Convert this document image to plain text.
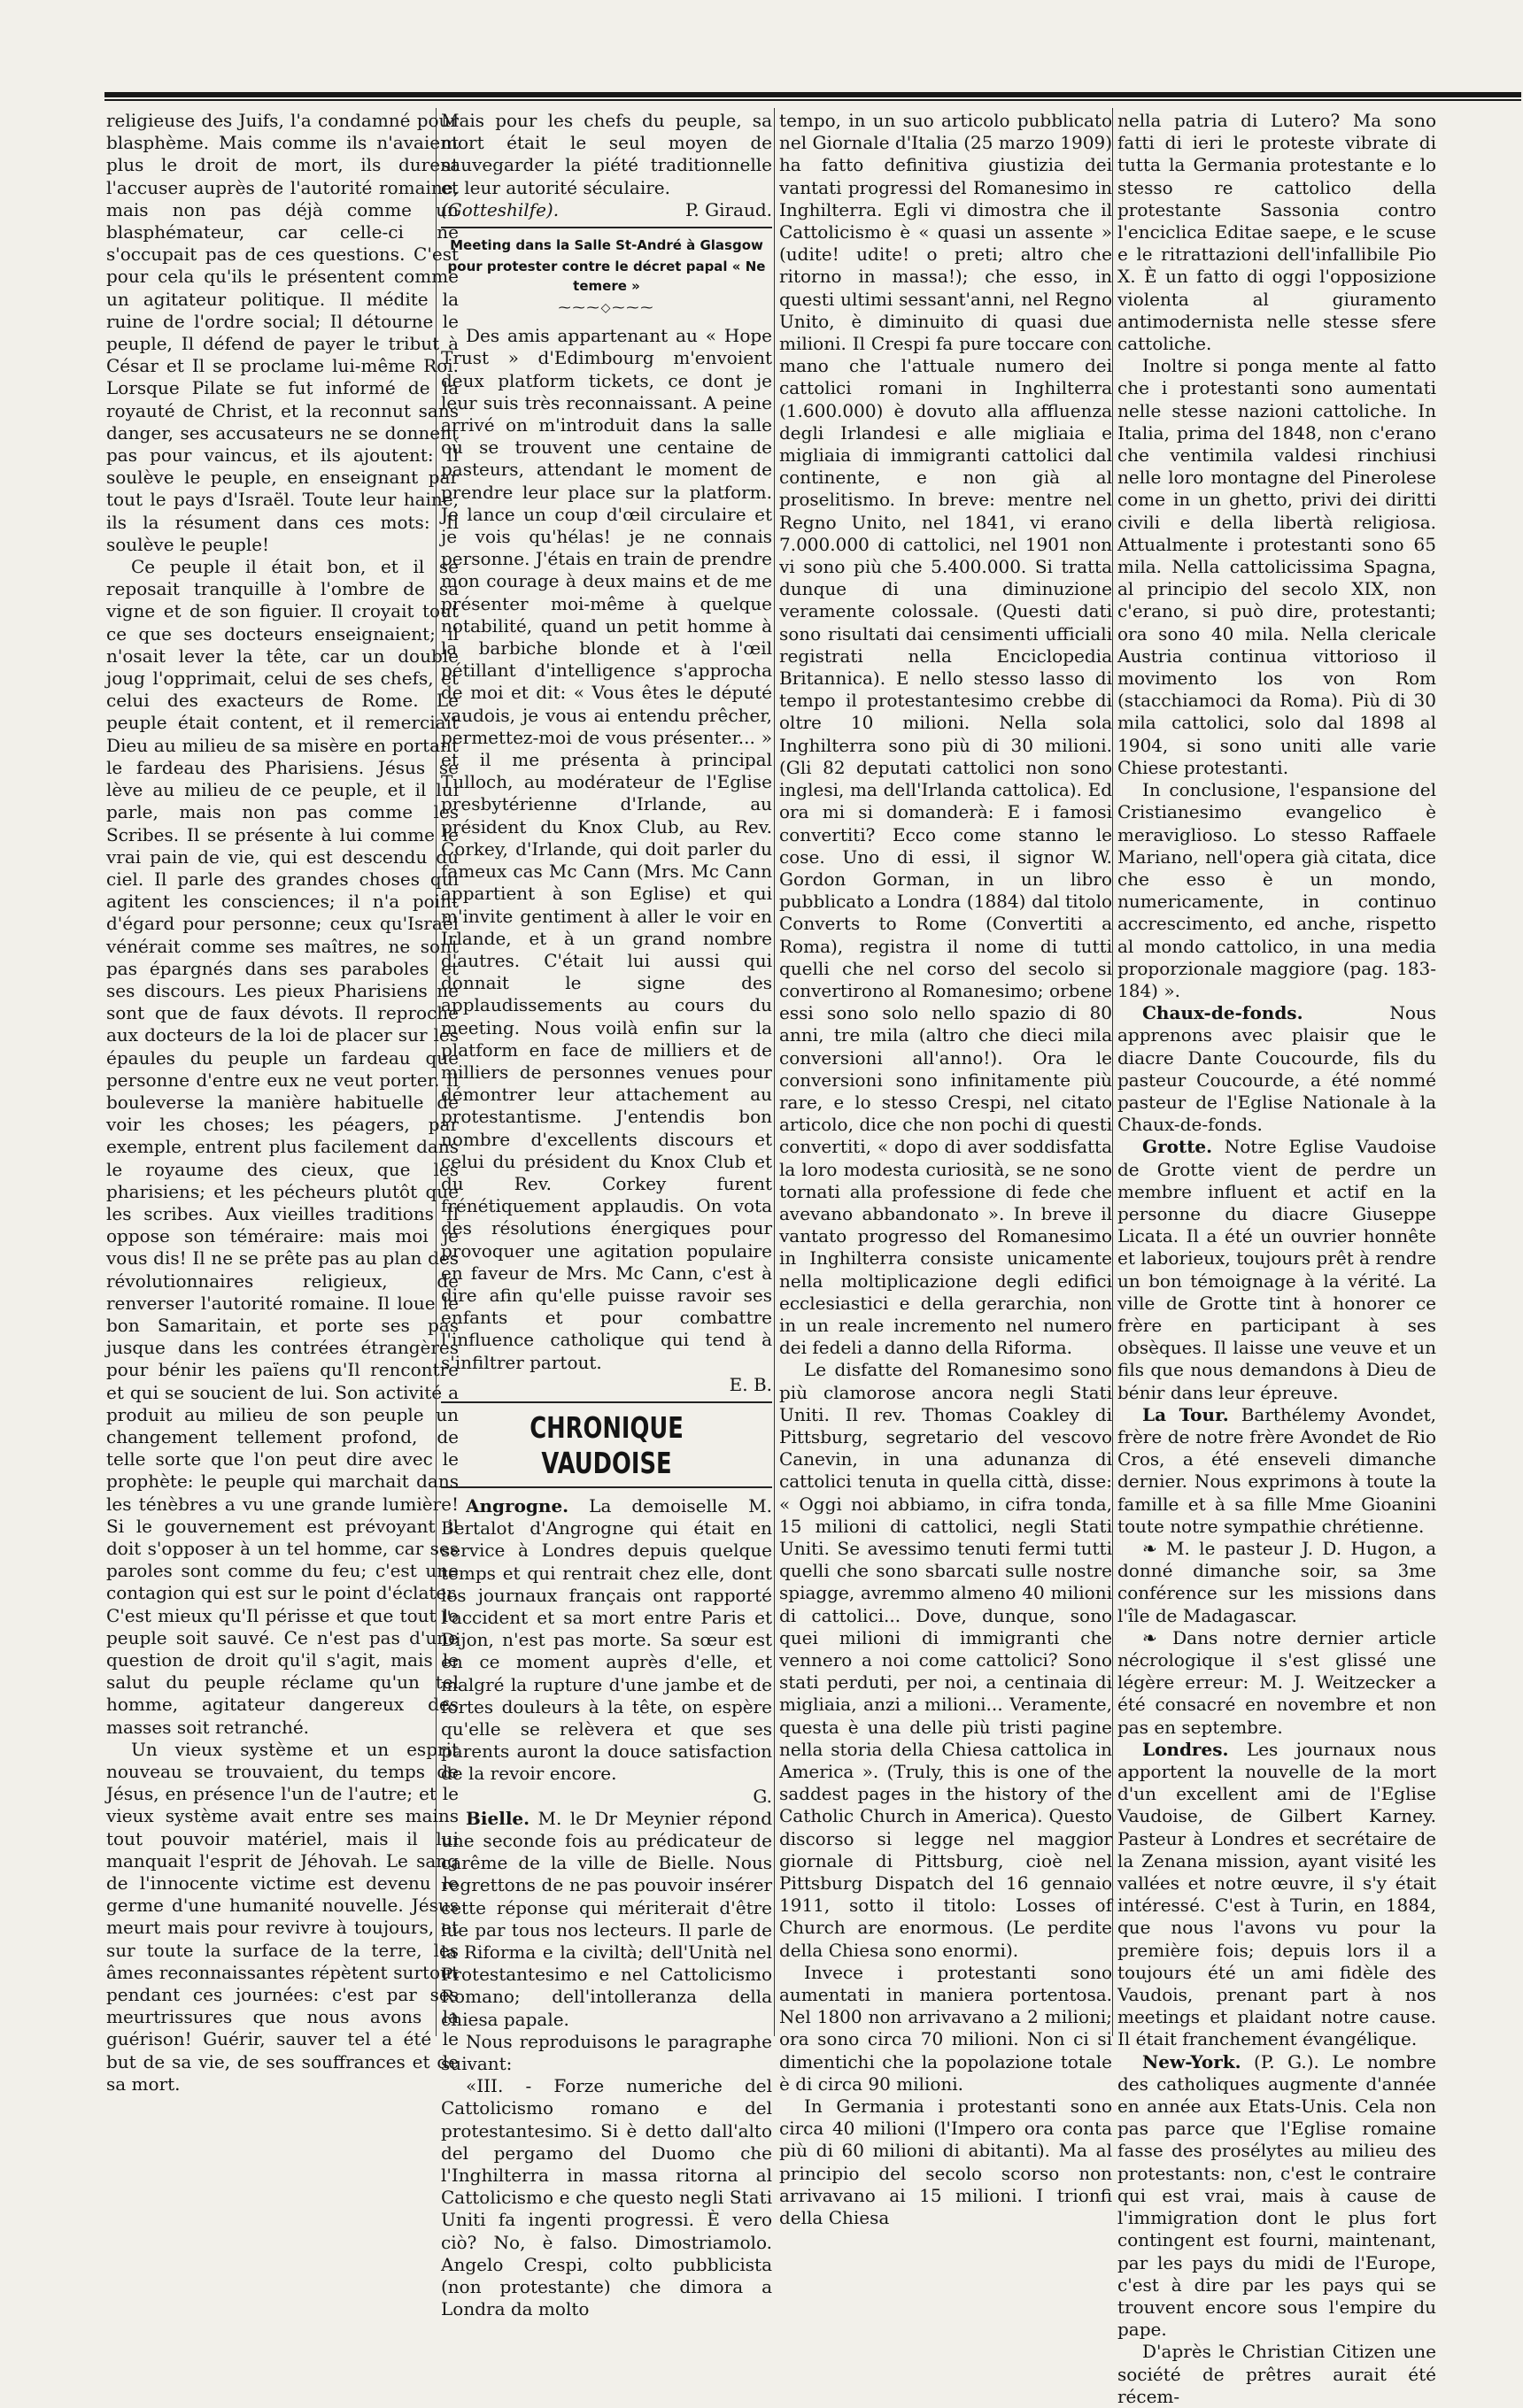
religieuse des Juifs, l'a condamné pour blasphème. Mais comme ils n'avaient plus le droit de mort, ils durent l'accuser auprès de l'autorité romaine, mais non pas déjà comme un blasphémateur, car celle-ci ne s'occupait pas de ces questions. C'est pour cela qu'ils le présentent comme un agitateur politique. Il médite la ruine de l'ordre social; Il détourne le peuple, Il défend de payer le tribut à César et Il se proclame lui-même Roi. Lorsque Pilate se fut informé de la royauté de Christ, et la reconnut sans danger, ses accusateurs ne se donnent pas pour vaincus, et ils ajoutent: Il soulève le peuple, en enseignant par tout le pays d'Israël. Toute leur haine, ils la résument dans ces mots: Il soulève le peuple!

Ce peuple il était bon, et il se reposait tranquille à l'ombre de sa vigne et de son figuier. Il croyait tout ce que ses docteurs enseignaient; il n'osait lever la tête, car un double joug l'opprimait, celui de ses chefs, et celui des exacteurs de Rome. Le peuple était content, et il remerciait Dieu au milieu de sa misère en portant le fardeau des Pharisiens. Jésus se lève au milieu de ce peuple, et il lui parle, mais non pas comme les Scribes. Il se présente à lui comme le vrai pain de vie, qui est descendu du ciel. Il parle des grandes choses qui agitent les consciences; il n'a point d'égard pour personne; ceux qu'Israël vénérait comme ses maîtres, ne sont pas épargnés dans ses paraboles et ses discours. Les pieux Pharisiens ne sont que de faux dévots. Il reproche aux docteurs de la loi de placer sur les épaules du peuple un fardeau que personne d'entre eux ne veut porter. Il bouleverse la manière habituelle de voir les choses; les péagers, par exemple, entrent plus facilement dans le royaume des cieux, que les pharisiens; et les pécheurs plutôt que les scribes. Aux vieilles traditions Il oppose son téméraire: mais moi je vous dis! Il ne se prête pas au plan des révolutionnaires religieux, de renverser l'autorité romaine. Il loue le bon Samaritain, et porte ses pas jusque dans les contrées étrangères pour bénir les païens qu'Il rencontre et qui se soucient de lui. Son activité a produit au milieu de son peuple un changement tellement profond, de telle sorte que l'on peut dire avec le prophète: le peuple qui marchait dans les ténèbres a vu une grande lumière! Si le gouvernement est prévoyant il doit s'opposer à un tel homme, car ses paroles sont comme du feu; c'est une contagion qui est sur le point d'éclater. C'est mieux qu'Il périsse et que tout le peuple soit sauvé. Ce n'est pas d'une question de droit qu'il s'agit, mais le salut du peuple réclame qu'un tel homme, agitateur dangereux des masses soit retranché.

Un vieux système et un esprit nouveau se trouvaient, du temps de Jésus, en présence l'un de l'autre; et le vieux système avait entre ses mains tout pouvoir matériel, mais il lui manquait l'esprit de Jéhovah. Le sang de l'innocente victime est devenu le germe d'une humanité nouvelle. Jésus meurt mais pour revivre à toujours, et sur toute la surface de la terre, les âmes reconnaissantes répètent surtout pendant ces journées: c'est par ses meurtrissures que nous avons la guérison! Guérir, sauver tel a été le but de sa vie, de ses souffrances et de sa mort.

Mais pour les chefs du peuple, sa mort était le seul moyen de sauvegarder la piété traditionnelle et leur autorité séculaire.

(Gotteshilfe).	P. Giraud.
Meeting dans la Salle St-André à Glasgow
pour protester contre le décret papal « Ne temere »
⁓⁓⁓◇⁓⁓⁓

Des amis appartenant au « Hope Trust » d'Edimbourg m'envoient deux platform tickets, ce dont je leur suis très reconnaissant. A peine arrivé on m'introduit dans la salle où se trouvent une centaine de pasteurs, attendant le moment de prendre leur place sur la platform. Je lance un coup d'œil circulaire et je vois qu'hélas! je ne connais personne. J'étais en train de prendre mon courage à deux mains et de me présenter moi-même à quelque notabilité, quand un petit homme à la barbiche blonde et à l'œil pétillant d'intelligence s'approcha de moi et dit: « Vous êtes le député vaudois, je vous ai entendu prêcher, permettez-moi de vous présenter... » et il me présenta à principal Tulloch, au modérateur de l'Eglise presbytérienne d'Irlande, au président du Knox Club, au Rev. Corkey, d'Irlande, qui doit parler du fameux cas Mc Cann (Mrs. Mc Cann appartient à son Eglise) et qui m'invite gentiment à aller le voir en Irlande, et à un grand nombre d'autres. C'était lui aussi qui donnait le signe des applaudissements au cours du meeting. Nous voilà enfin sur la platform en face de milliers et de milliers de personnes venues pour démontrer leur attachement au protestantisme. J'entendis bon nombre d'excellents discours et celui du président du Knox Club et du Rev. Corkey furent frénétiquement applaudis. On vota des résolutions énergiques pour provoquer une agitation populaire en faveur de Mrs. Mc Cann, c'est à dire afin qu'elle puisse ravoir ses enfants et pour combattre l'influence catholique qui tend à s'infiltrer partout.

E. B.
CHRONIQUE VAUDOISE

Angrogne. La demoiselle M. Bertalot d'Angrogne qui était en service à Londres depuis quelque temps et qui rentrait chez elle, dont les journaux français ont rapporté l'accident et sa mort entre Paris et Dijon, n'est pas morte. Sa sœur est en ce moment auprès d'elle, et malgré la rupture d'une jambe et de fortes douleurs à la tête, on espère qu'elle se relèvera et que ses parents auront la douce satisfaction de la revoir encore.

G.

Bielle. M. le Dr Meynier répond une seconde fois au prédicateur de carême de la ville de Bielle. Nous regrettons de ne pas pouvoir insérer cette réponse qui mériterait d'être lue par tous nos lecteurs. Il parle de la Riforma e la civiltà; dell'Unità nel Protestantesimo e nel Cattolicismo Romano; dell'intolleranza della chiesa papale.

Nous reproduisons le paragraphe suivant:

«III. - Forze numeriche del Cattolicismo romano e del protestantesimo. Si è detto dall'alto del pergamo del Duomo che l'Inghilterra in massa ritorna al Cattolicismo e che questo negli Stati Uniti fa ingenti progressi. È vero ciò? No, è falso. Dimostriamolo. Angelo Crespi, colto pubblicista (non protestante) che dimora a Londra da molto

tempo, in un suo articolo pubblicato nel Giornale d'Italia (25 marzo 1909) ha fatto definitiva giustizia dei vantati progressi del Romanesimo in Inghilterra. Egli vi dimostra che il Cattolicismo è « quasi un assente » (udite! udite! o preti; altro che ritorno in massa!); che esso, in questi ultimi sessant'anni, nel Regno Unito, è diminuito di quasi due milioni. Il Crespi fa pure toccare con mano che l'attuale numero dei cattolici romani in Inghilterra (1.600.000) è dovuto alla affluenza degli Irlandesi e alle migliaia e migliaia di immigranti cattolici dal continente, e non già al proselitismo. In breve: mentre nel Regno Unito, nel 1841, vi erano 7.000.000 di cattolici, nel 1901 non vi sono più che 5.400.000. Si tratta dunque di una diminuzione veramente colossale. (Questi dati sono risultati dai censimenti ufficiali registrati nella Enciclopedia Britannica). E nello stesso lasso di tempo il protestantesimo crebbe di oltre 10 milioni. Nella sola Inghilterra sono più di 30 milioni. (Gli 82 deputati cattolici non sono inglesi, ma dell'Irlanda cattolica). Ed ora mi si domanderà: E i famosi convertiti? Ecco come stanno le cose. Uno di essi, il signor W. Gordon Gorman, in un libro pubblicato a Londra (1884) dal titolo Converts to Rome (Convertiti a Roma), registra il nome di tutti quelli che nel corso del secolo si convertirono al Romanesimo; orbene essi sono solo nello spazio di 80 anni, tre mila (altro che dieci mila conversioni all'anno!). Ora le conversioni sono infinitamente più rare, e lo stesso Crespi, nel citato articolo, dice che non pochi di questi convertiti, « dopo di aver soddisfatta la loro modesta curiosità, se ne sono tornati alla professione di fede che avevano abbandonato ». In breve il vantato progresso del Romanesimo in Inghilterra consiste unicamente nella moltiplicazione degli edifici ecclesiastici e della gerarchia, non in un reale incremento nel numero dei fedeli a danno della Riforma.

Le disfatte del Romanesimo sono più clamorose ancora negli Stati Uniti. Il rev. Thomas Coakley di Pittsburg, segretario del vescovo Canevin, in una adunanza di cattolici tenuta in quella città, disse: « Oggi noi abbiamo, in cifra tonda, 15 milioni di cattolici, negli Stati Uniti. Se avessimo tenuti fermi tutti quelli che sono sbarcati sulle nostre spiagge, avremmo almeno 40 milioni di cattolici... Dove, dunque, sono quei milioni di immigranti che vennero a noi come cattolici? Sono stati perduti, per noi, a centinaia di migliaia, anzi a milioni... Veramente, questa è una delle più tristi pagine nella storia della Chiesa cattolica in America ». (Truly, this is one of the saddest pages in the history of the Catholic Church in America). Questo discorso si legge nel maggior giornale di Pittsburg, cioè nel Pittsburg Dispatch del 16 gennaio 1911, sotto il titolo: Losses of Church are enormous. (Le perdite della Chiesa sono enormi).

Invece i protestanti sono aumentati in maniera portentosa. Nel 1800 non arrivavano a 2 milioni; ora sono circa 70 milioni. Non ci si dimentichi che la popolazione totale è di circa 90 milioni.

In Germania i protestanti sono circa 40 milioni (l'Impero ora conta più di 60 milioni di abitanti). Ma al principio del secolo scorso non arrivavano ai 15 milioni. I trionfi della Chiesa

nella patria di Lutero? Ma sono fatti di ieri le proteste vibrate di tutta la Germania protestante e lo stesso re cattolico della protestante Sassonia contro l'enciclica Editae saepe, e le scuse e le ritrattazioni dell'infallibile Pio X. È un fatto di oggi l'opposizione violenta al giuramento antimodernista nelle stesse sfere cattoliche.

Inoltre si ponga mente al fatto che i protestanti sono aumentati nelle stesse nazioni cattoliche. In Italia, prima del 1848, non c'erano che ventimila valdesi rinchiusi nelle loro montagne del Pinerolese come in un ghetto, privi dei diritti civili e della libertà religiosa. Attualmente i protestanti sono 65 mila. Nella cattolicissima Spagna, al principio del secolo XIX, non c'erano, si può dire, protestanti; ora sono 40 mila. Nella clericale Austria continua vittorioso il movimento los von Rom (stacchiamoci da Roma). Più di 30 mila cattolici, solo dal 1898 al 1904, si sono uniti alle varie Chiese protestanti.

In conclusione, l'espansione del Cristianesimo evangelico è meraviglioso. Lo stesso Raffaele Mariano, nell'opera già citata, dice che esso è un mondo, numericamente, in continuo accrescimento, ed anche, rispetto al mondo cattolico, in una media proporzionale maggiore (pag. 183-184) ».

Chaux-de-fonds.	Nous apprenons avec plaisir que le diacre Dante Coucourde, fils du pasteur Coucourde, a été nommé pasteur de l'Eglise Nationale à la Chaux-de-fonds.

Grotte. Notre Eglise Vaudoise de Grotte vient de perdre un membre influent et actif en la personne du diacre Giuseppe Licata. Il a été un ouvrier honnête et laborieux, toujours prêt à rendre un bon témoignage à la vérité. La ville de Grotte tint à honorer ce frère en participant à ses obsèques. Il laisse une veuve et un fils que nous demandons à Dieu de bénir dans leur épreuve.

La Tour. Barthélemy Avondet, frère de notre frère Avondet de Rio Cros, a été enseveli dimanche dernier. Nous exprimons à toute la famille et à sa fille Mme Gioanini toute notre sympathie chrétienne.

❧ M. le pasteur J. D. Hugon, a donné dimanche soir, sa 3me conférence sur les missions dans l'île de Madagascar.

❧ Dans notre dernier article nécrologique il s'est glissé une légère erreur: M. J. Weitzecker a été consacré en novembre et non pas en septembre.

Londres. Les journaux nous apportent la nouvelle de la mort d'un excellent ami de l'Eglise Vaudoise, de Gilbert Karney. Pasteur à Londres et secrétaire de la Zenana mission, ayant visité les vallées et notre œuvre, il s'y était intéressé. C'est à Turin, en 1884, que nous l'avons vu pour la première fois; depuis lors il a toujours été un ami fidèle des Vaudois, prenant part à nos meetings et plaidant notre cause. Il était franchement évangélique.

New-York. (P. G.). Le nombre des catholiques augmente d'année en année aux Etats-Unis. Cela non pas parce que l'Eglise romaine fasse des prosélytes au milieu des protestants: non, c'est le contraire qui est vrai, mais à cause de l'immigration dont le plus fort contingent est fourni, maintenant, par les pays du midi de l'Europe, c'est à dire par les pays qui se trouvent encore sous l'empire du pape.

D'après le Christian Citizen une société de prêtres aurait été récem-
